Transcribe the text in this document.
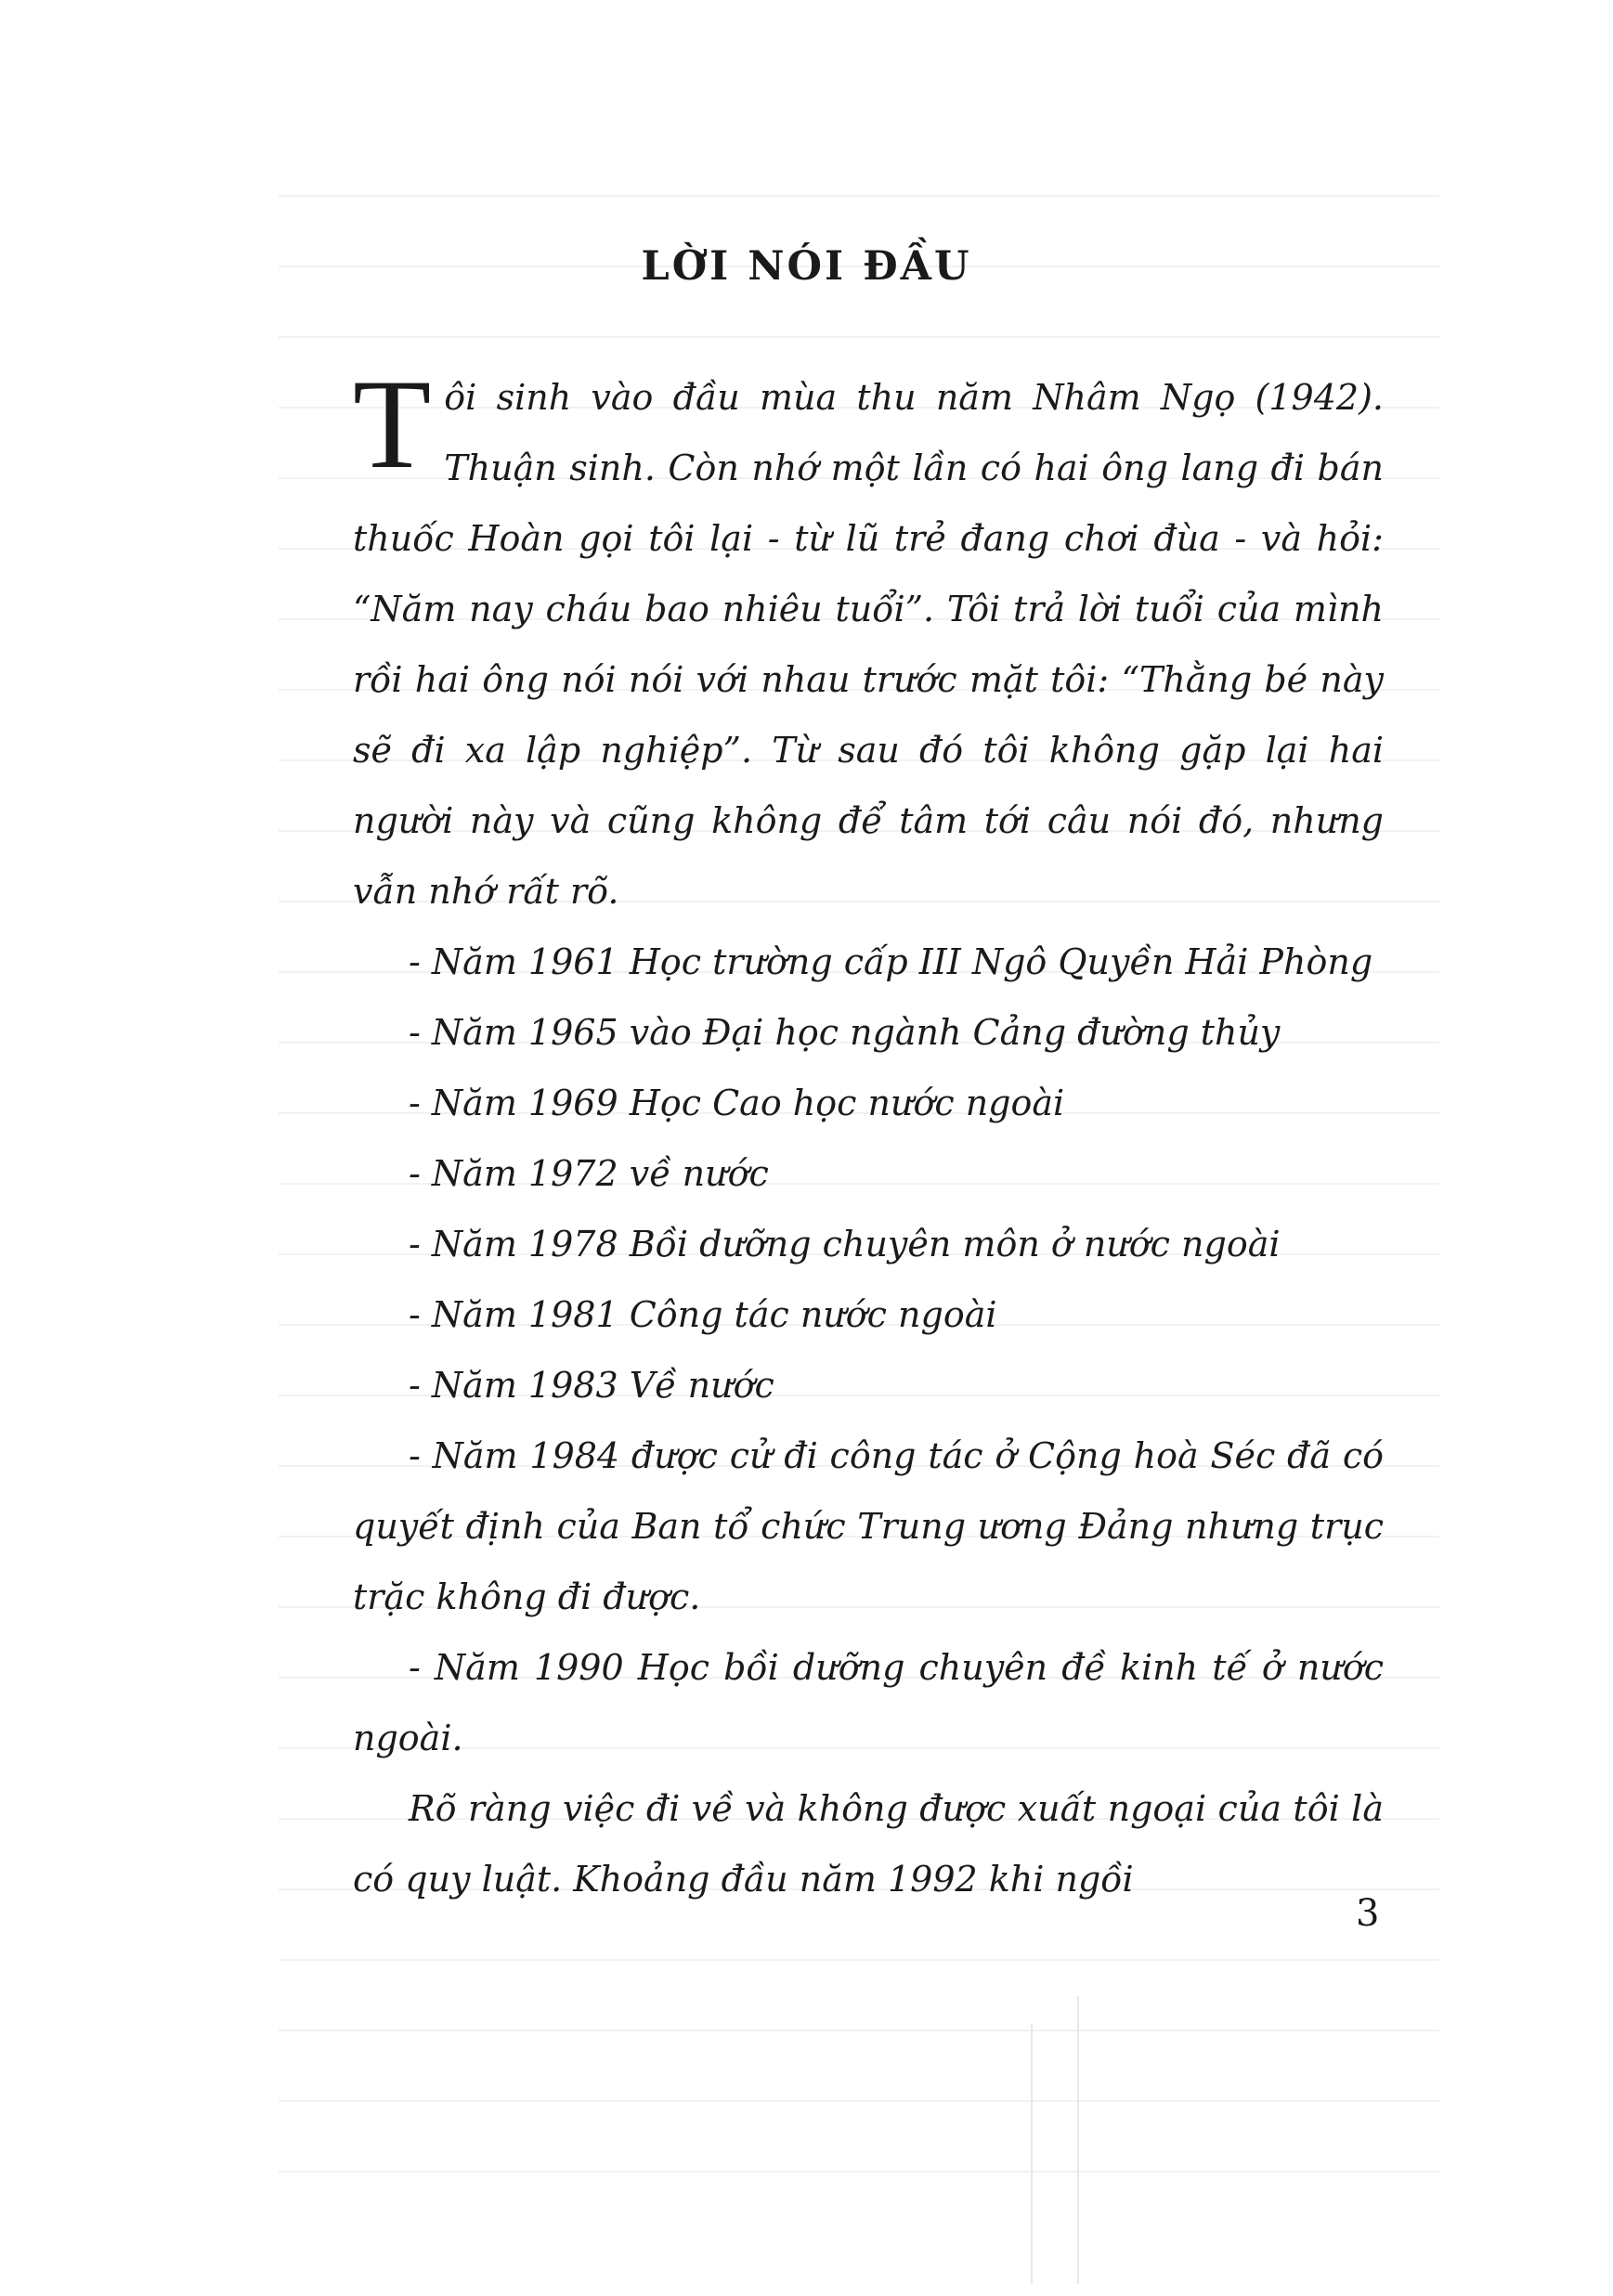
LỜI NÓI ĐẦU

Tôi sinh vào đầu mùa thu năm Nhâm Ngọ (1942). Thuận sinh. Còn nhớ một lần có hai ông lang đi bán thuốc Hoàn gọi tôi lại - từ lũ trẻ đang chơi đùa - và hỏi: “Năm nay cháu bao nhiêu tuổi”. Tôi trả lời tuổi của mình rồi hai ông nói nói với nhau trước mặt tôi: “Thằng bé này sẽ đi xa lập nghiệp”. Từ sau đó tôi không gặp lại hai người này và cũng không để tâm tới câu nói đó, nhưng vẫn nhớ rất rõ.

- Năm 1961 Học trường cấp III Ngô Quyền Hải Phòng

- Năm 1965 vào Đại học ngành Cảng đường thủy

- Năm 1969 Học Cao học nước ngoài

- Năm 1972 về nước

- Năm 1978 Bồi dưỡng chuyên môn ở nước ngoài

- Năm 1981 Công tác nước ngoài

- Năm 1983 Về nước

- Năm 1984 được cử đi công tác ở Cộng hoà Séc đã có quyết định của Ban tổ chức Trung ương Đảng nhưng trục trặc không đi được.

- Năm 1990 Học bồi dưỡng chuyên đề kinh tế ở nước ngoài.

Rõ ràng việc đi về và không được xuất ngoại của tôi là có quy luật. Khoảng đầu năm 1992 khi ngồi

3
